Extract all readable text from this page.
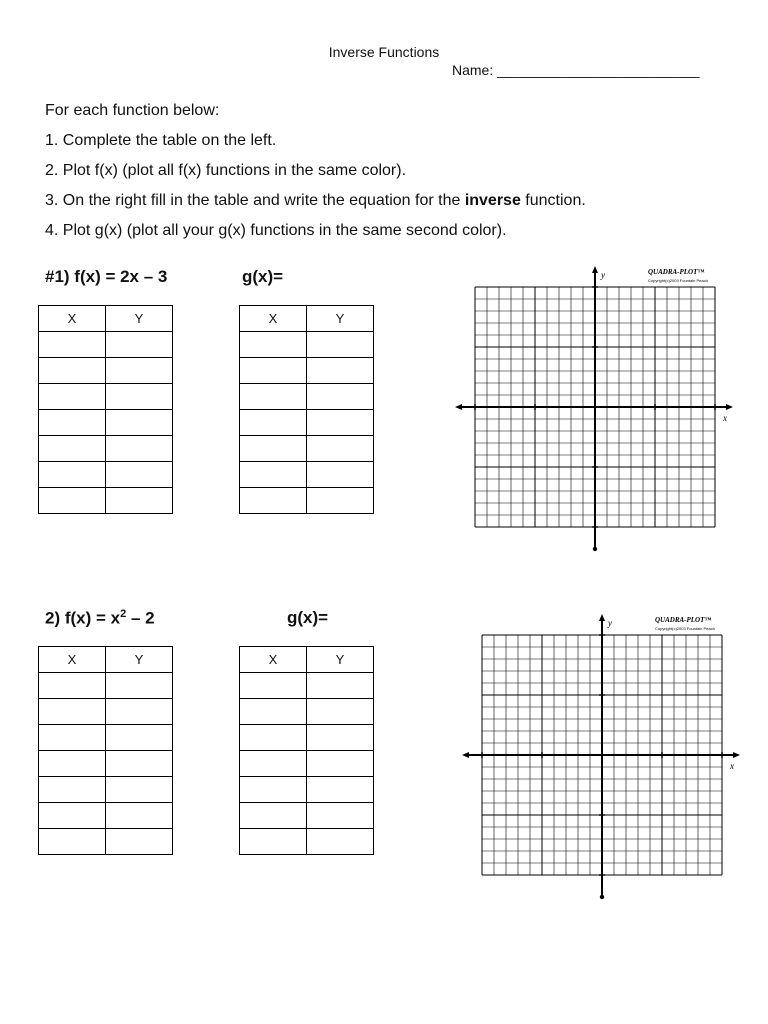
Inverse Functions
Name: __________________________
For each function below:
1. Complete the table on the left.
2. Plot f(x) (plot all f(x) functions in the same color).
3. On the right fill in the table and write the equation for the inverse function.
4. Plot g(x) (plot all your g(x) functions in the same second color).
#1) f(x) = 2x – 3	g(x)=
X	Y

		X	Y

QUADRA-PLOT™
Copyright(c)2003 Fountain Peach
y
x
2) $f(x) = x^2 - 2$	g(x)=
X	Y

		X	Y

QUADRA-PLOT™
Copyright(c)2003 Fountain Peach
y
x
